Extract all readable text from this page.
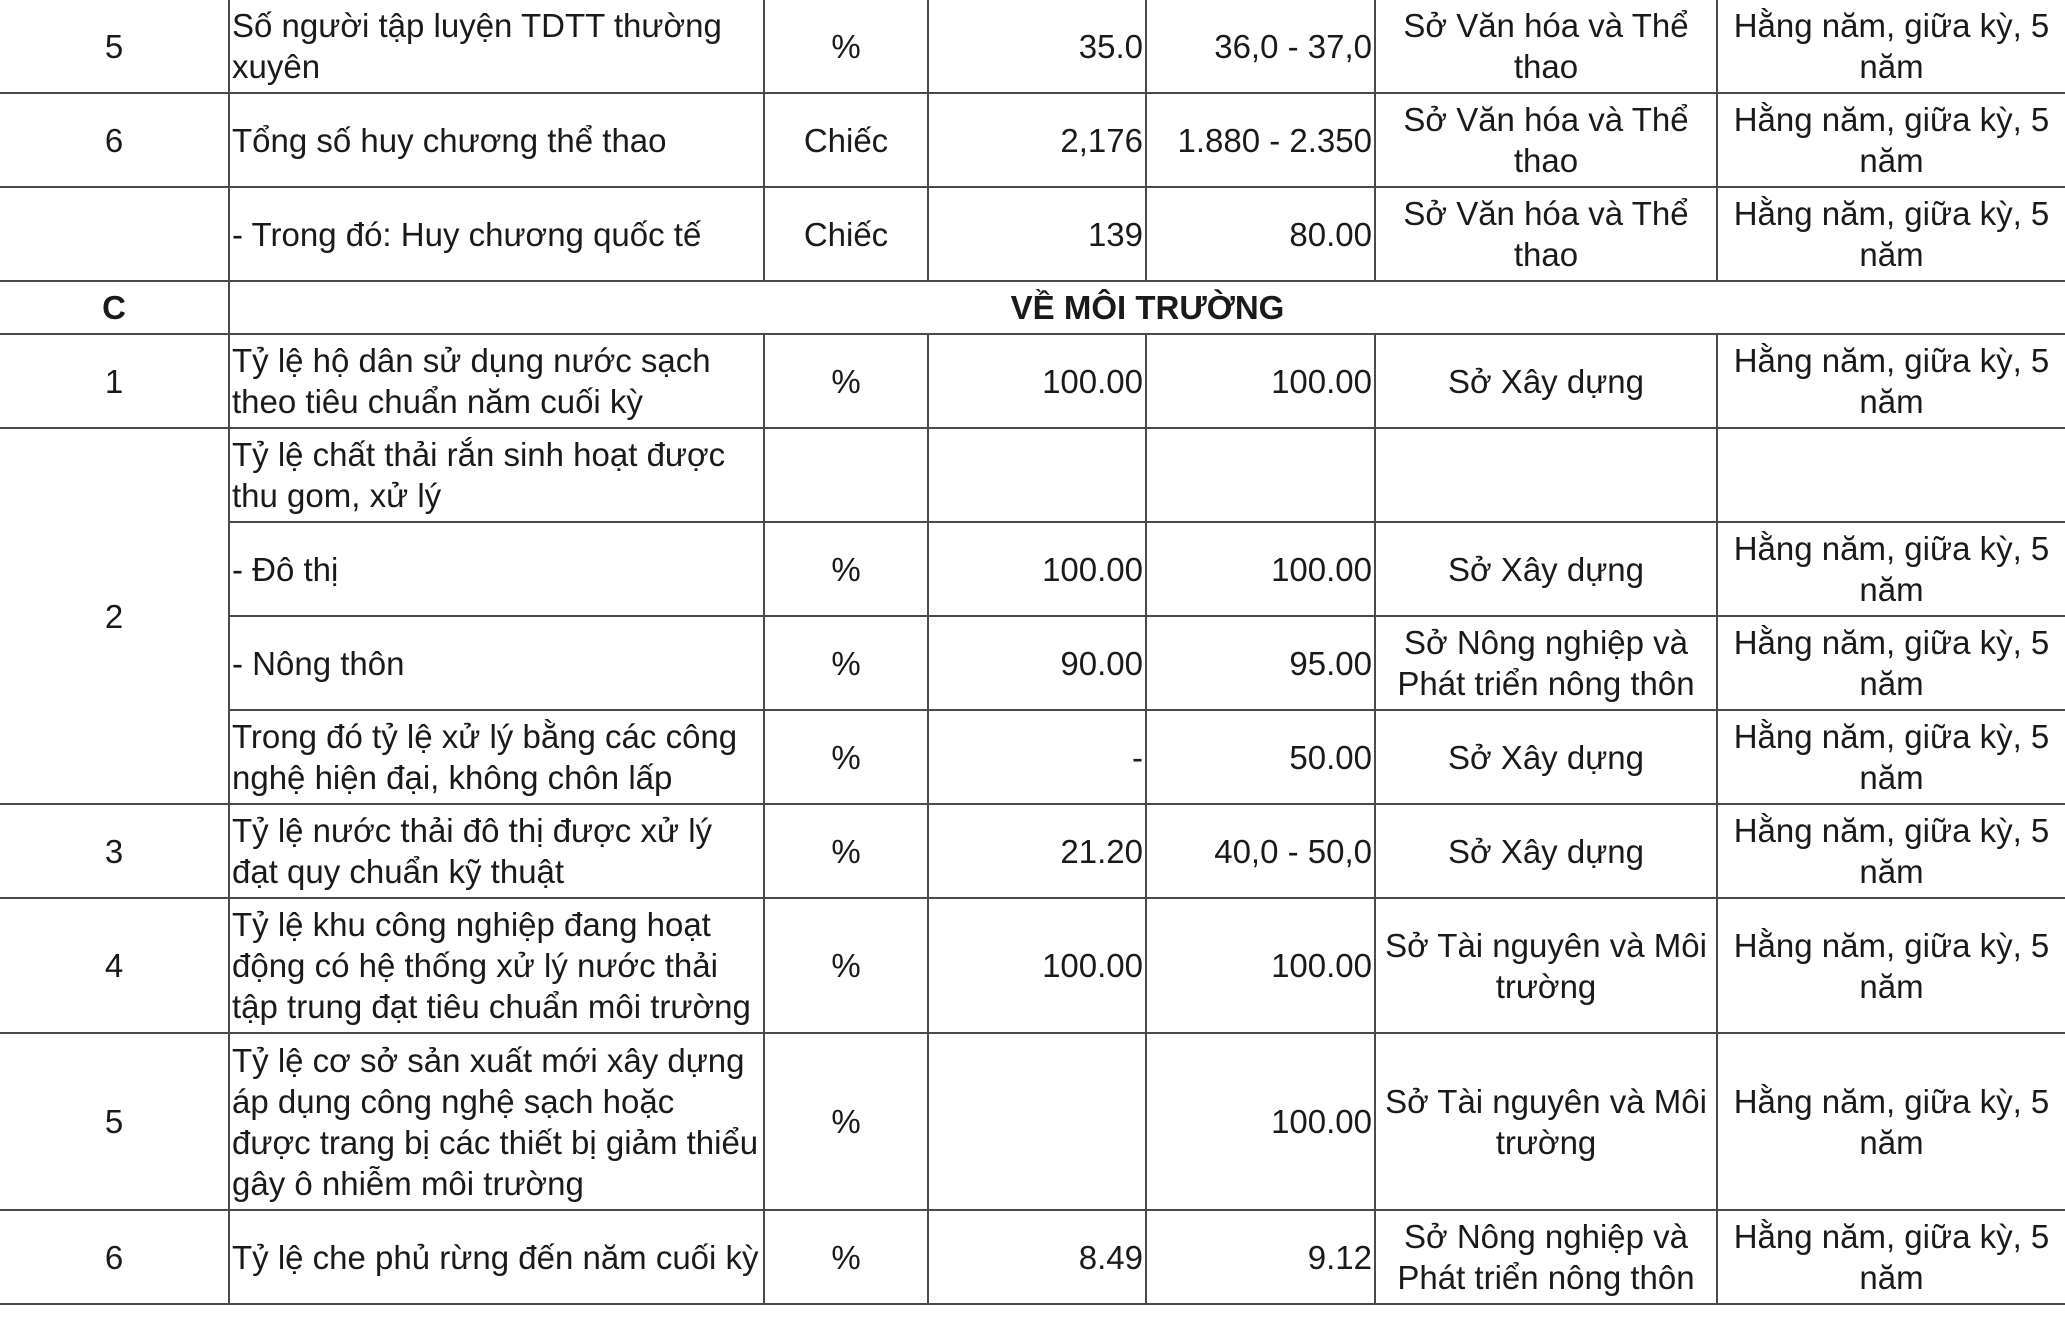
5	Số người tập luyện TDTT thường xuyên	%	35.0	36,0 - 37,0	Sở Văn hóa và Thể thao	Hằng năm, giữa kỳ, 5 năm
6	Tổng số huy chương thể thao	Chiếc	2,176	1.880 - 2.350	Sở Văn hóa và Thể thao	Hằng năm, giữa kỳ, 5 năm
	- Trong đó: Huy chương quốc tế	Chiếc	139	80.00	Sở Văn hóa và Thể thao	Hằng năm, giữa kỳ, 5 năm
C	VỀ MÔI TRƯỜNG					
1	Tỷ lệ hộ dân sử dụng nước sạch theo tiêu chuẩn năm cuối kỳ	%	100.00	100.00	Sở Xây dựng	Hằng năm, giữa kỳ, 5 năm
2	Tỷ lệ chất thải rắn sinh hoạt được thu gom, xử lý					
	- Đô thị	%	100.00	100.00	Sở Xây dựng	Hằng năm, giữa kỳ, 5 năm
	- Nông thôn	%	90.00	95.00	Sở Nông nghiệp và Phát triển nông thôn	Hằng năm, giữa kỳ, 5 năm
	Trong đó tỷ lệ xử lý bằng các công nghệ hiện đại, không chôn lấp	%	-	50.00	Sở Xây dựng	Hằng năm, giữa kỳ, 5 năm
3	Tỷ lệ nước thải đô thị được xử lý đạt quy chuẩn kỹ thuật	%	21.20	40,0 - 50,0	Sở Xây dựng	Hằng năm, giữa kỳ, 5 năm
4	Tỷ lệ khu công nghiệp đang hoạt động có hệ thống xử lý nước thải tập trung đạt tiêu chuẩn môi trường	%	100.00	100.00	Sở Tài nguyên và Môi trường	Hằng năm, giữa kỳ, 5 năm
5	Tỷ lệ cơ sở sản xuất mới xây dựng áp dụng công nghệ sạch hoặc được trang bị các thiết bị giảm thiểu gây ô nhiễm môi trường	%		100.00	Sở Tài nguyên và Môi trường	Hằng năm, giữa kỳ, 5 năm
6	Tỷ lệ che phủ rừng đến năm cuối kỳ	%	8.49	9.12	Sở Nông nghiệp và Phát triển nông thôn	Hằng năm, giữa kỳ, 5 năm
